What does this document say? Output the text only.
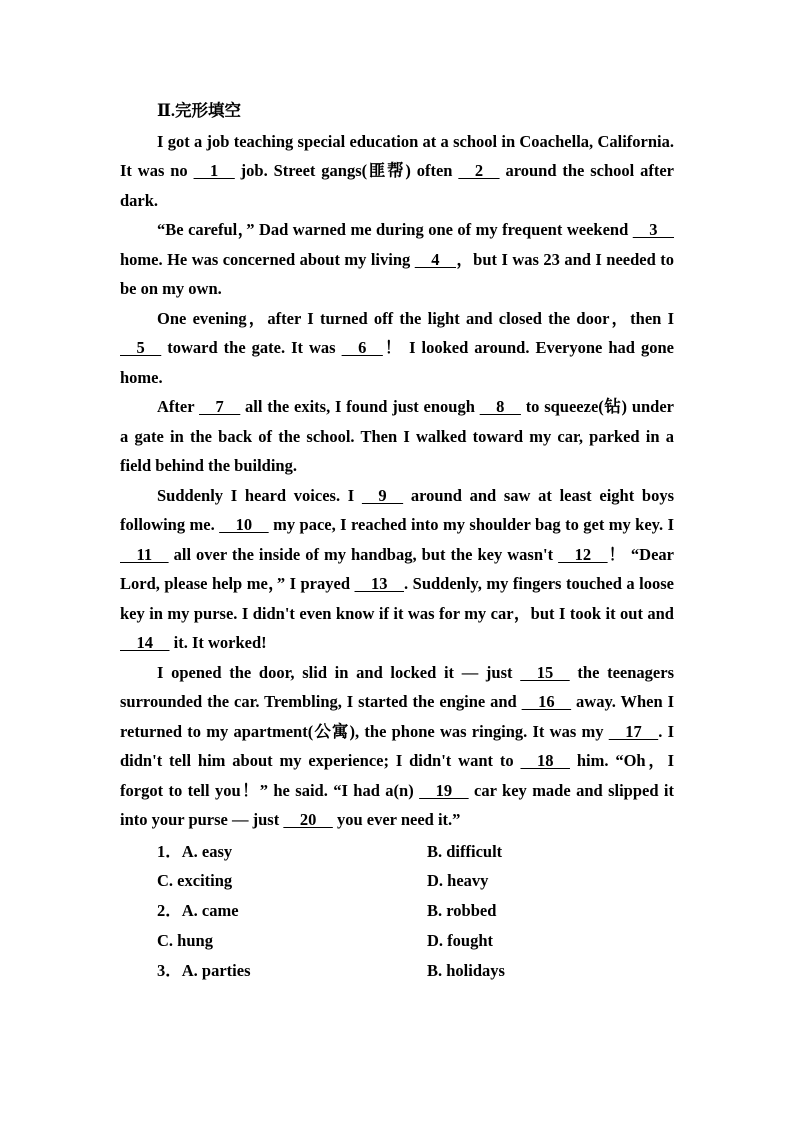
Ⅱ.完形填空

I got a job teaching special education at a school in Coachella, California. It was no   1   job. Street gangs(匪帮) often   2   around the school after dark.

“Be careful，” Dad warned me during one of my frequent weekend   3   home. He was concerned about my living   4  ，but I was 23 and I needed to be on my own.

One evening，after I turned off the light and closed the door，then I   5   toward the gate. It was   6  ！ I looked around. Everyone had gone home.

After   7   all the exits, I found just enough   8   to squeeze(钻) under a gate in the back of the school. Then I walked toward my car, parked in a field behind the building.

Suddenly I heard voices. I   9   around and saw at least eight boys following me.   10   my pace, I reached into my shoulder bag to get my key. I   11   all over the inside of my handbag, but the key wasn't   12  ！ “Dear Lord, please help me，” I prayed   13  . Suddenly, my fingers touched a loose key in my purse. I didn't even know if it was for my car，but I took it out and   14   it. It worked!

I opened the door, slid in and locked it — just   15   the teenagers surrounded the car. Trembling, I started the engine and   16   away. When I returned to my apartment(公寓), the phone was ringing. It was my   17  . I didn't tell him about my experience; I didn't want to   18   him. “Oh，I forgot to tell you！” he said. “I had a(n)   19   car key made and slipped it into your purse — just   20   you ever need it.”

1．A. easy	B. difficult
C. exciting	D. heavy
2．A. came	B. robbed
C. hung	D. fought
3．A. parties	B. holidays
